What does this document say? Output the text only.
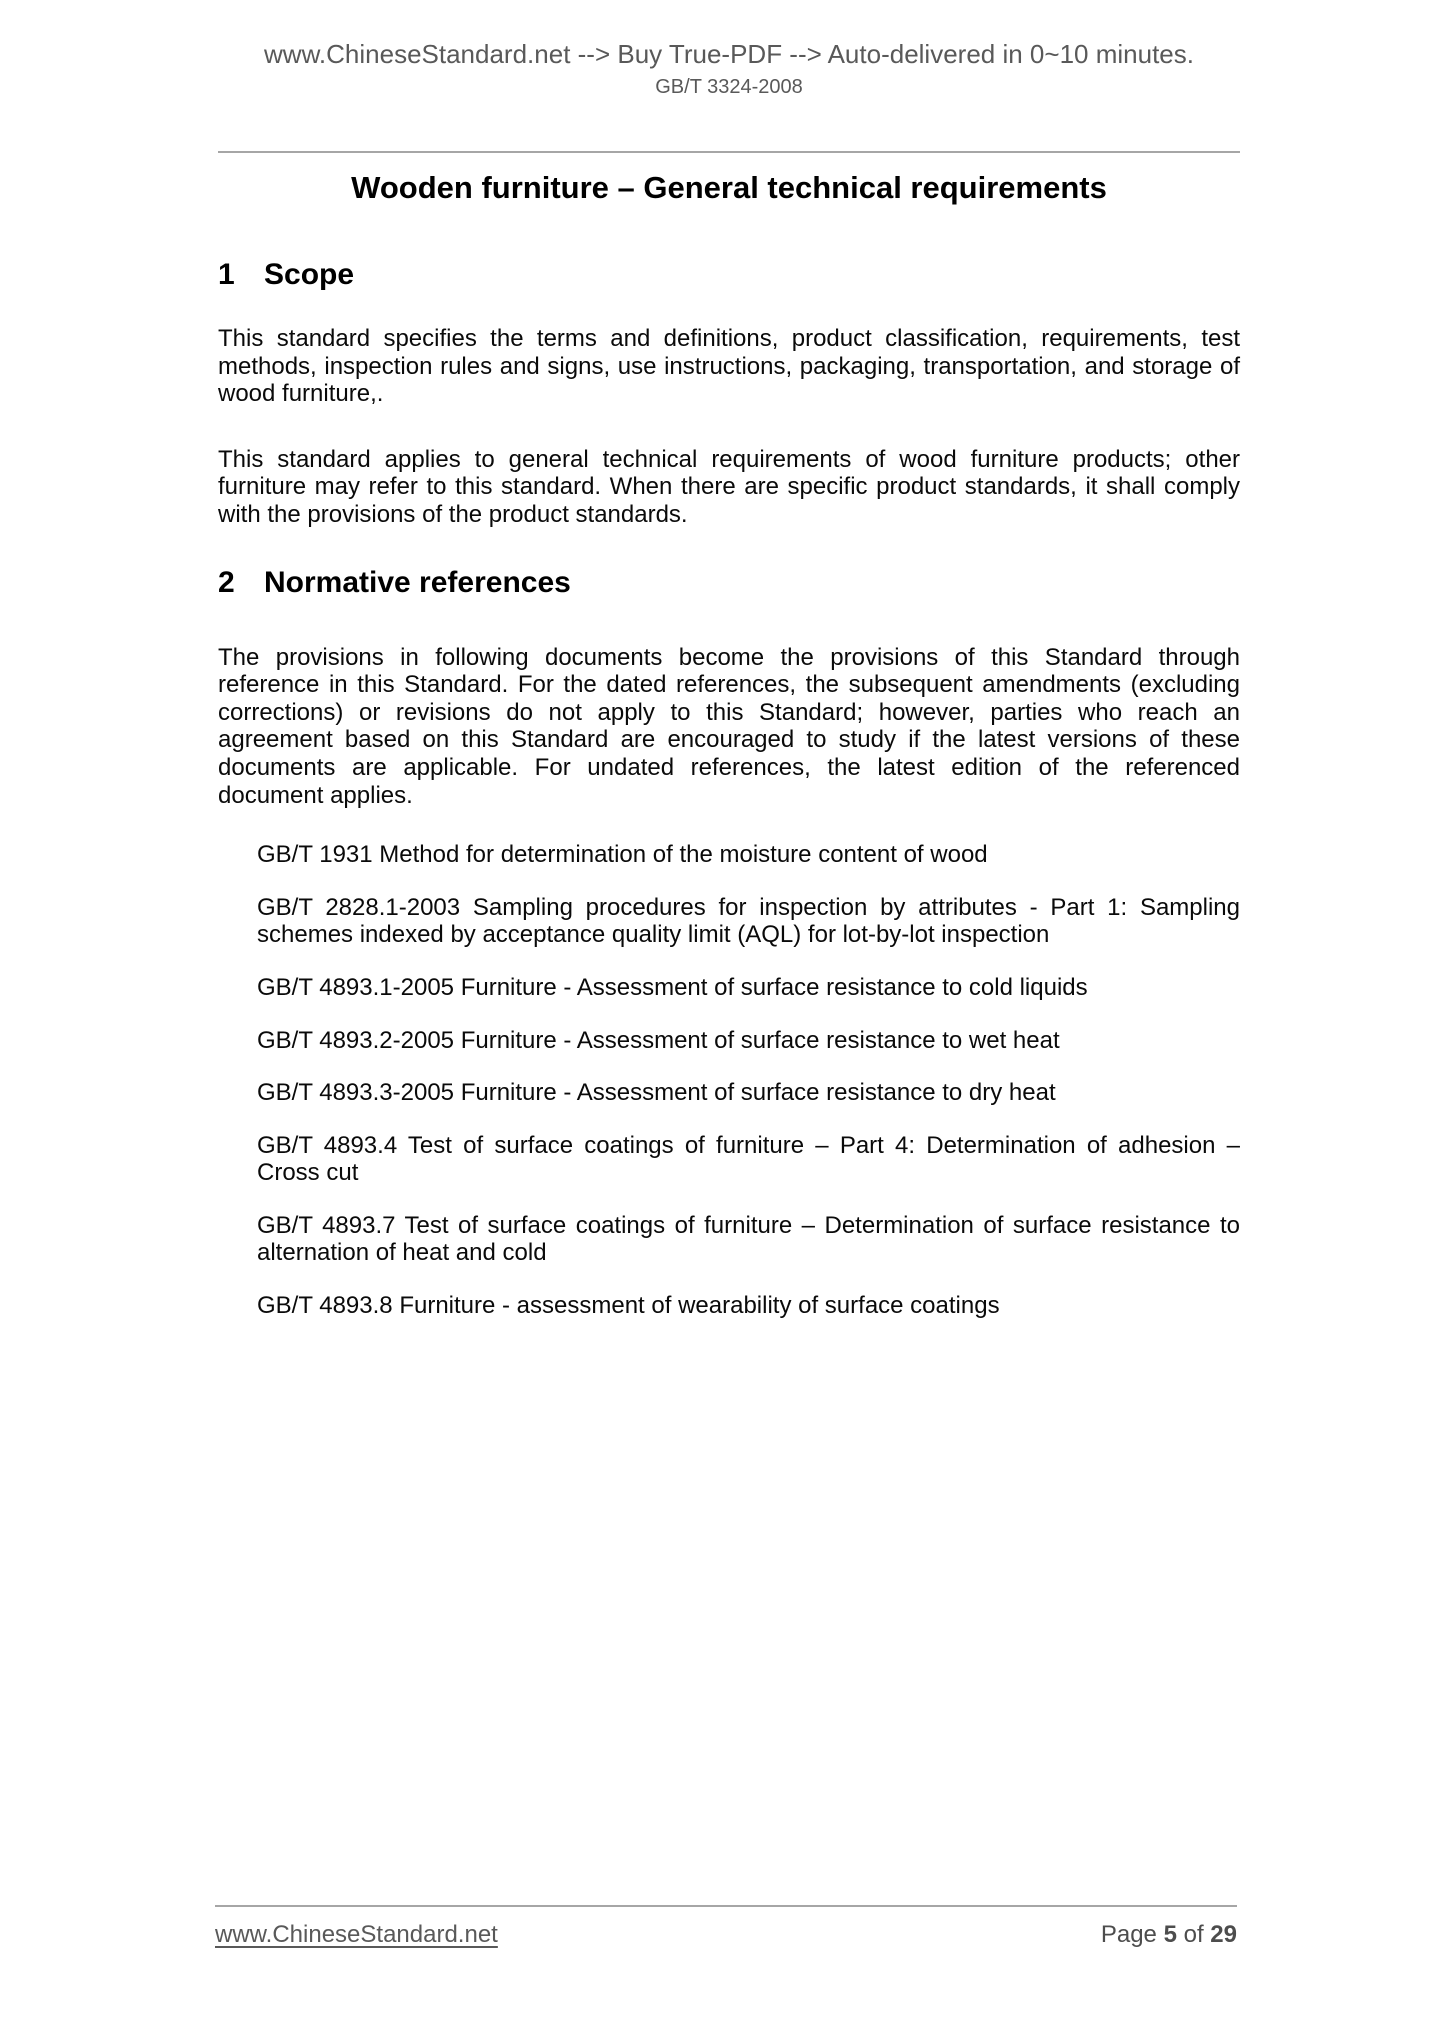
www.ChineseStandard.net --> Buy True-PDF --> Auto-delivered in 0~10 minutes.
GB/T 3324-2008
Wooden furniture – General technical requirements
1 Scope

This standard specifies the terms and definitions, product classification, requirements, test methods, inspection rules and signs, use instructions, packaging, transportation, and storage of wood furniture,.

This standard applies to general technical requirements of wood furniture products; other furniture may refer to this standard. When there are specific product standards, it shall comply with the provisions of the product standards.

2 Normative references

The provisions in following documents become the provisions of this Standard through reference in this Standard. For the dated references, the subsequent amendments (excluding corrections) or revisions do not apply to this Standard; however, parties who reach an agreement based on this Standard are encouraged to study if the latest versions of these documents are applicable. For undated references, the latest edition of the referenced document applies.

GB/T 1931 Method for determination of the moisture content of wood
GB/T 2828.1-2003 Sampling procedures for inspection by attributes - Part 1: Sampling schemes indexed by acceptance quality limit (AQL) for lot-by-lot inspection
GB/T 4893.1-2005 Furniture - Assessment of surface resistance to cold liquids
GB/T 4893.2-2005 Furniture - Assessment of surface resistance to wet heat
GB/T 4893.3-2005 Furniture - Assessment of surface resistance to dry heat
GB/T 4893.4 Test of surface coatings of furniture – Part 4: Determination of adhesion – Cross cut
GB/T 4893.7 Test of surface coatings of furniture – Determination of surface resistance to alternation of heat and cold
GB/T 4893.8 Furniture - assessment of wearability of surface coatings
www.ChineseStandard.net	Page 5 of 29
